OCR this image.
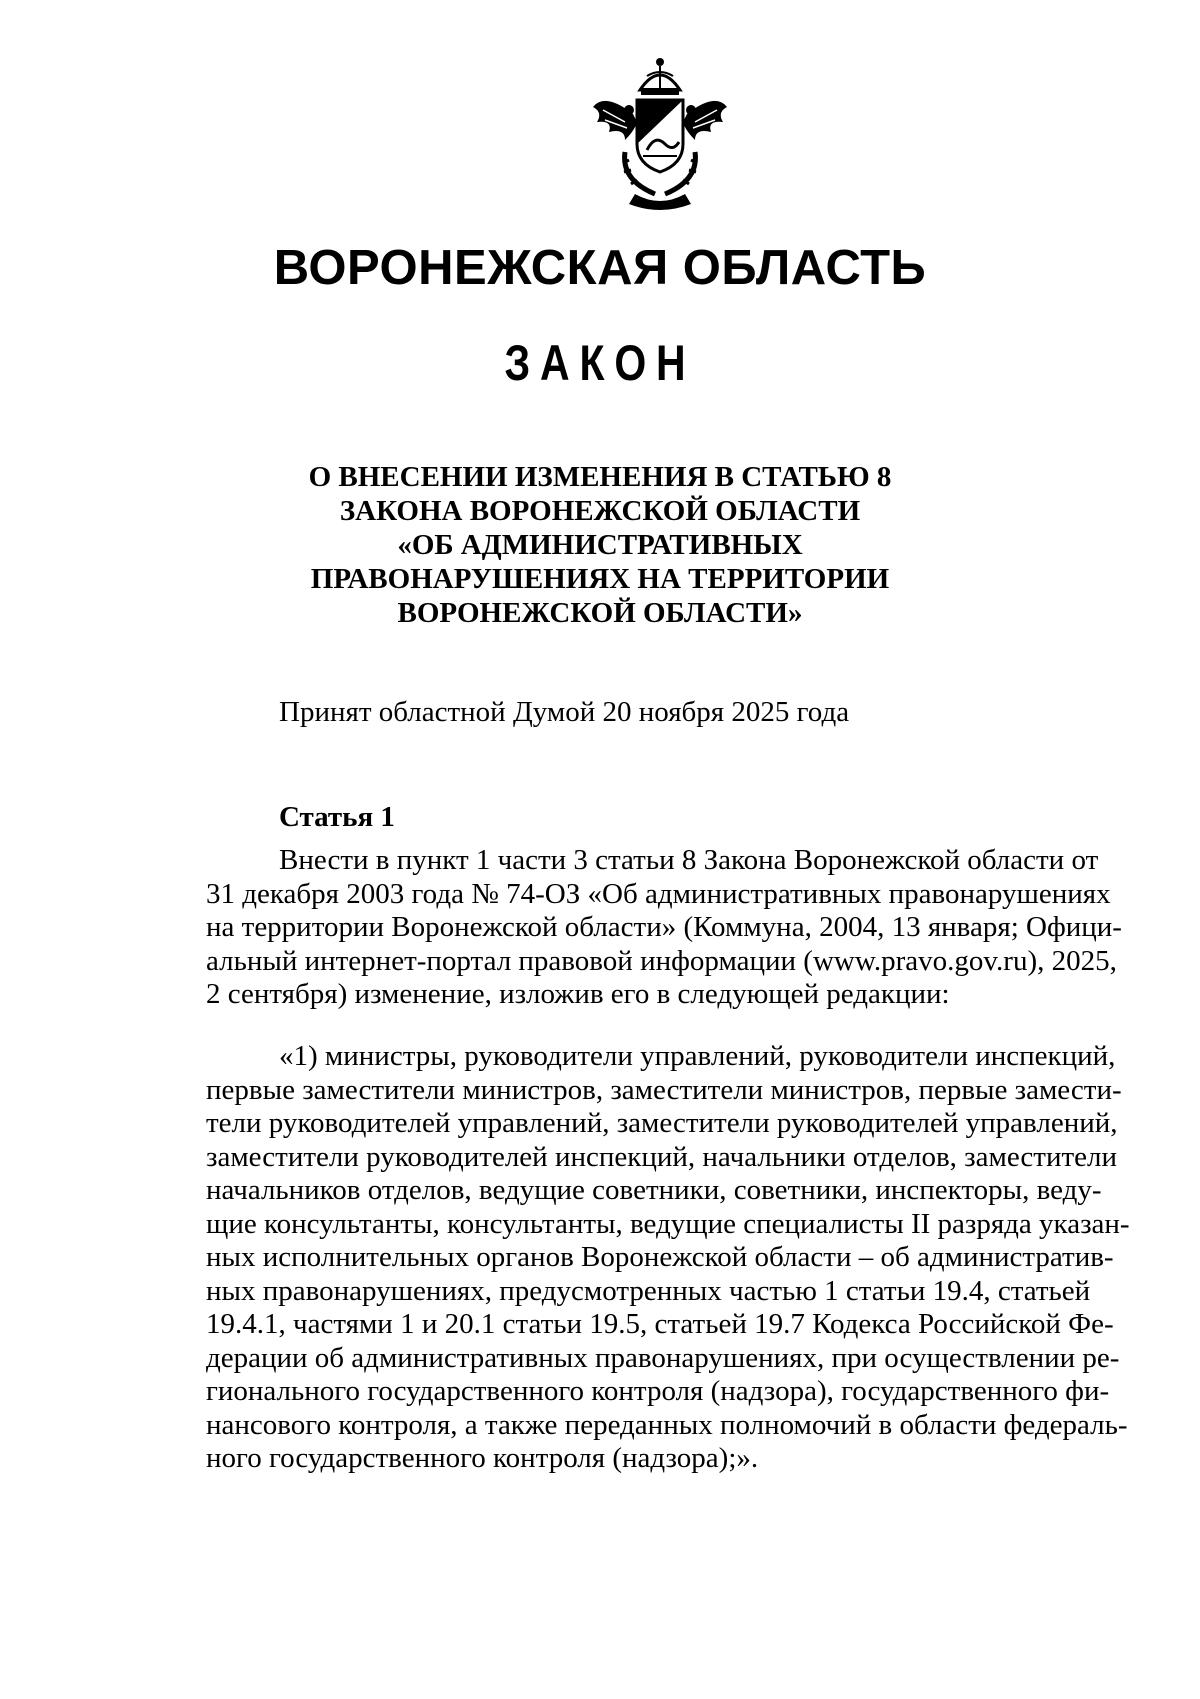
ВОРОНЕЖСКАЯ ОБЛАСТЬ
ЗАКОН
О ВНЕСЕНИИ ИЗМЕНЕНИЯ В СТАТЬЮ 8
ЗАКОНА ВОРОНЕЖСКОЙ ОБЛАСТИ
«ОБ АДМИНИСТРАТИВНЫХ
ПРАВОНАРУШЕНИЯХ НА ТЕРРИТОРИИ
ВОРОНЕЖСКОЙ ОБЛАСТИ»
Принят областной Думой 20 ноября 2025 года
Статья 1
Внести в пункт 1 части 3 статьи 8 Закона Воронежской области от
31 декабря 2003 года № 74-ОЗ «Об административных правонарушениях
на территории Воронежской области» (Коммуна, 2004, 13 января; Офици-
альный интернет-портал правовой информации (www.pravo.gov.ru), 2025,
2 сентября) изменение, изложив его в следующей редакции:
«1) министры, руководители управлений, руководители инспекций,
первые заместители министров, заместители министров, первые замести-
тели руководителей управлений, заместители руководителей управлений,
заместители руководителей инспекций, начальники отделов, заместители
начальников отделов, ведущие советники, советники, инспекторы, веду-
щие консультанты, консультанты, ведущие специалисты II разряда указан-
ных исполнительных органов Воронежской области – об административ-
ных правонарушениях, предусмотренных частью 1 статьи 19.4, статьей
19.4.1, частями 1 и 20.1 статьи 19.5, статьей 19.7 Кодекса Российской Фе-
дерации об административных правонарушениях, при осуществлении ре-
гионального государственного контроля (надзора), государственного фи-
нансового контроля, а также переданных полномочий в области федераль-
ного государственного контроля (надзора);».
